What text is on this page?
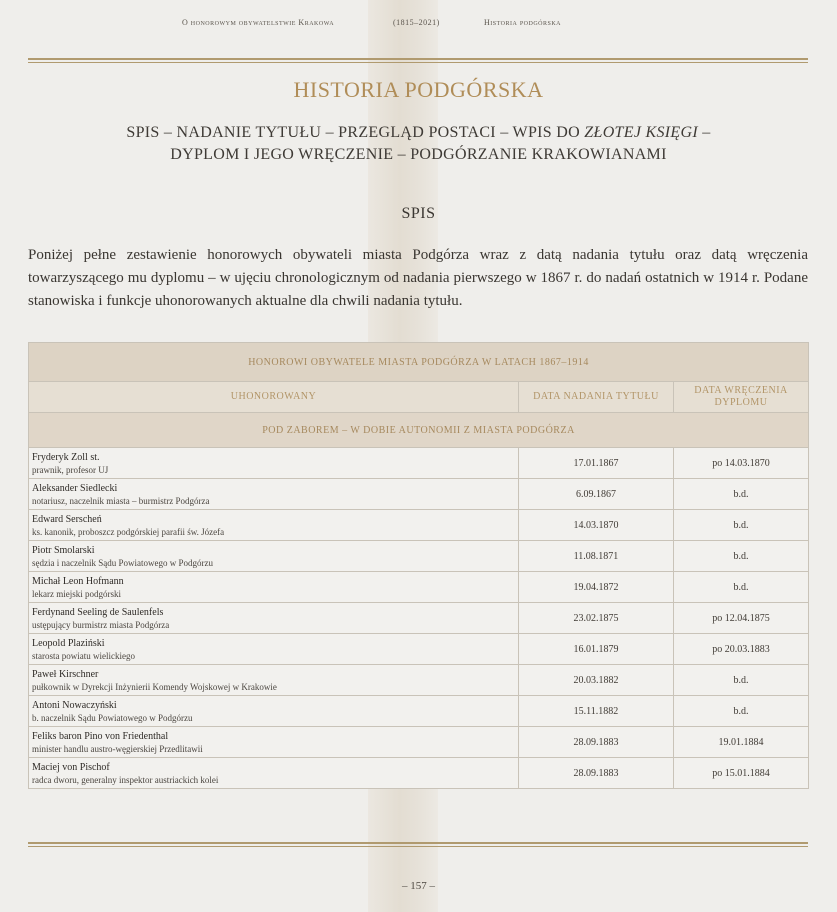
O honorowym obywatelstwie Krakowa	(1815–2021)	Historia podgórska
HISTORIA PODGÓRSKA
SPIS – NADANIE TYTUŁU – PRZEGLĄD POSTACI – WPIS DO ZŁOTEJ KSIĘGI –
DYPLOM I JEGO WRĘCZENIE – PODGÓRZANIE KRAKOWIANAMI
SPIS
Poniżej pełne zestawienie honorowych obywateli miasta Podgórza wraz z datą nadania tytułu oraz datą wręczenia towarzyszącego mu dyplomu – w ujęciu chronologicznym od nadania pierwszego w 1867 r. do nadań ostatnich w 1914 r. Podane stanowiska i funkcje uhonorowanych aktualne dla chwili nadania tytułu.
HONOROWI OBYWATELE MIASTA PODGÓRZA W LATACH 1867–1914		
UHONOROWANY	DATA NADANIA TYTUŁU	DATA WRĘCZENIA DYPLOMU
POD ZABOREM – W DOBIE AUTONOMII Z MIASTA PODGÓRZA		

Fryderyk Zoll st.
prawnik, profesor UJ	17.01.1867	po 14.03.1870

Aleksander Siedlecki
notariusz, naczelnik miasta – burmistrz Podgórza	6.09.1867	b.d.

Edward Serscheń
ks. kanonik, proboszcz podgórskiej parafii św. Józefa	14.03.1870	b.d.

Piotr Smolarski
sędzia i naczelnik Sądu Powiatowego w Podgórzu	11.08.1871	b.d.

Michał Leon Hofmann
lekarz miejski podgórski	19.04.1872	b.d.

Ferdynand Seeling de Saulenfels
ustępujący burmistrz miasta Podgórza	23.02.1875	po 12.04.1875

Leopold Plaziński
starosta powiatu wielickiego	16.01.1879	po 20.03.1883

Paweł Kirschner
pułkownik w Dyrekcji Inżynierii Komendy Wojskowej w Krakowie	20.03.1882	b.d.

Antoni Nowaczyński
b. naczelnik Sądu Powiatowego w Podgórzu	15.11.1882	b.d.

Feliks baron Pino von Friedenthal
minister handlu austro-węgierskiej Przedlitawii	28.09.1883	19.01.1884

Maciej von Pischof
radca dworu, generalny inspektor austriackich kolei	28.09.1883	po 15.01.1884
– 157 –
